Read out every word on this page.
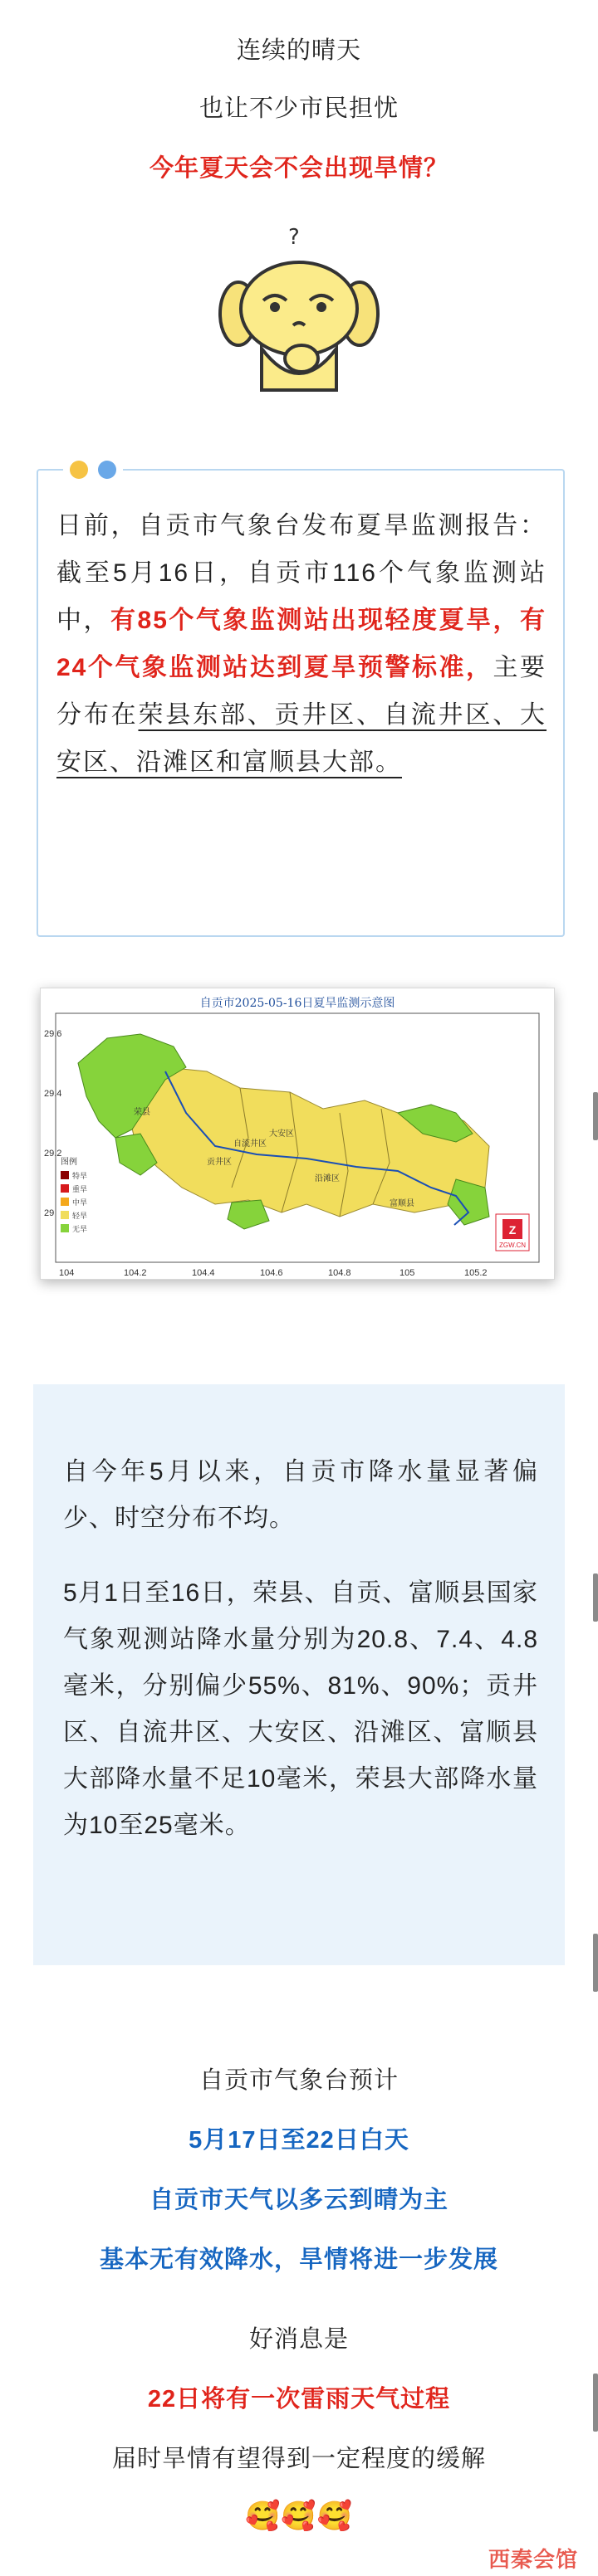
连续的晴天
也让不少市民担忧
今年夏天会不会出现旱情？
?
日前，自贡市气象台发布夏旱监测报告：截至5月16日，自贡市116个气象监测站中，有85个气象监测站出现轻度夏旱，有24个气象监测站达到夏旱预警标准，主要分布在荣县东部、贡井区、自流井区、大安区、沿滩区和富顺县大部。
自贡市2025-05-16日夏旱监测示意图
29.6
29.4
29.2
29
104	104.2	104.4	104.6	104.8	105	105.2
荣县
自流井区
大安区
沿滩区
贡井区
富顺县
图例
特旱
重旱
中旱
轻旱
无旱	Z
ZGW.CN
自今年5月以来，自贡市降水量显著偏少、时空分布不均。
5月1日至16日，荣县、自贡、富顺县国家气象观测站降水量分别为20.8、7.4、4.8毫米，分别偏少55%、81%、90%；贡井区、自流井区、大安区、沿滩区、富顺县大部降水量不足10毫米，荣县大部降水量为10至25毫米。
自贡市气象台预计
5月17日至22日白天
自贡市天气以多云到晴为主
基本无有效降水，旱情将进一步发展
好消息是
22日将有一次雷雨天气过程
届时旱情有望得到一定程度的缓解
🥰🥰🥰
西秦会馆
